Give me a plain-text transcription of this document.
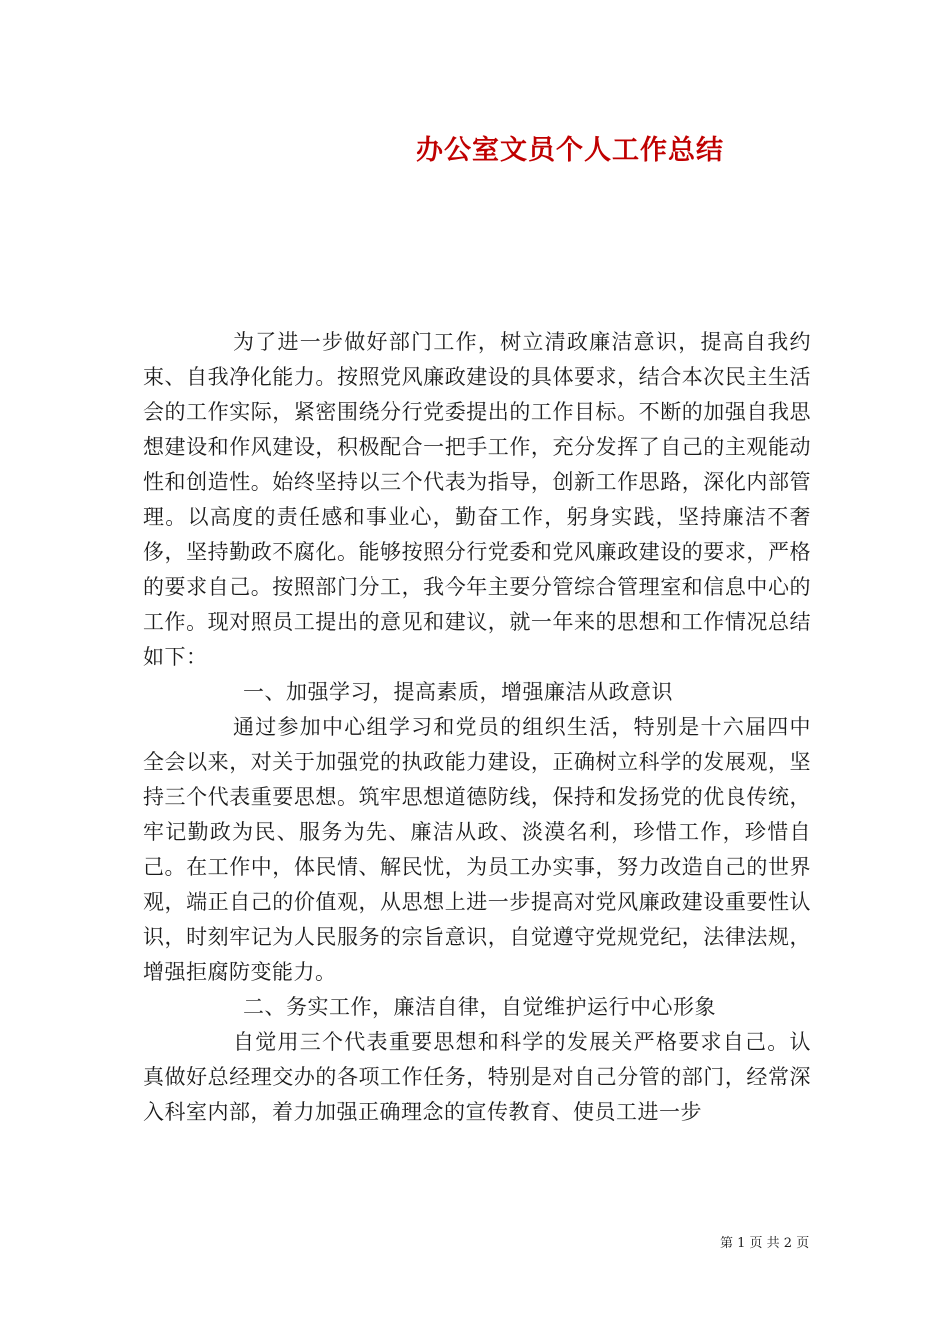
办公室文员个人工作总结

为了进一步做好部门工作，树立清政廉洁意识，提高自我约束、自我净化能力。按照党风廉政建设的具体要求，结合本次民主生活会的工作实际，紧密围绕分行党委提出的工作目标。不断的加强自我思想建设和作风建设，积极配合一把手工作，充分发挥了自己的主观能动性和创造性。始终坚持以三个代表为指导，创新工作思路，深化内部管理。以高度的责任感和事业心，勤奋工作，躬身实践，坚持廉洁不奢侈，坚持勤政不腐化。能够按照分行党委和党风廉政建设的要求，严格的要求自己。按照部门分工，我今年主要分管综合管理室和信息中心的工作。现对照员工提出的意见和建议，就一年来的思想和工作情况总结如下：

一、加强学习，提高素质，增强廉洁从政意识

通过参加中心组学习和党员的组织生活，特别是十六届四中全会以来，对关于加强党的执政能力建设，正确树立科学的发展观，坚持三个代表重要思想。筑牢思想道德防线，保持和发扬党的优良传统，牢记勤政为民、服务为先、廉洁从政、淡漠名利，珍惜工作，珍惜自己。在工作中，体民情、解民忧，为员工办实事，努力改造自己的世界观，端正自己的价值观，从思想上进一步提高对党风廉政建设重要性认识，时刻牢记为人民服务的宗旨意识，自觉遵守党规党纪，法律法规，增强拒腐防变能力。

二、务实工作，廉洁自律，自觉维护运行中心形象

自觉用三个代表重要思想和科学的发展关严格要求自己。认真做好总经理交办的各项工作任务，特别是对自己分管的部门，经常深入科室内部，着力加强正确理念的宣传教育、使员工进一步

第 1 页 共 2 页
